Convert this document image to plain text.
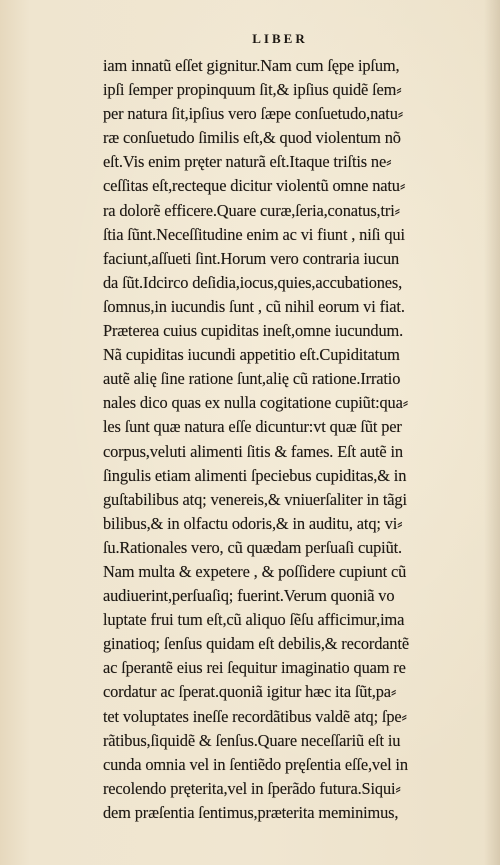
LIBER
iam innatũ eſſet gignitur.Nam cum ſępe ipſum,
ipſi ſemper propinquum ſit,& ipſius quidẽ ſem⸗
per natura ſit,ipſius vero ſæpe conſuetudo,natu⸗
ræ conſuetudo ſimilis eſt,& quod violentum nõ
eſt.Vis enim pręter naturã eſt.Itaque triſtis ne⸗
ceſſitas eſt,recteque dicitur violentũ omne natu⸗
ra dolorẽ efficere.Quare curæ,ſeria,conatus,tri⸗
ſtia ſũnt.Neceſſitudine enim ac vi fiunt , niſi qui
faciunt,aſſueti ſint.Horum vero contraria iucun
da ſũt.Idcirco deſidia,iocus,quies,accubationes,
ſomnus,in iucundis ſunt , cũ nihil eorum vi fiat.
Præterea cuius cupiditas ineſt,omne iucundum.
Nã cupiditas iucundi appetitio eſt.Cupiditatum
autẽ alię ſine ratione ſunt,alię cũ ratione.Irratio
nales dico quas ex nulla cogitatione cupiũt:qua⸗
les ſunt quæ natura eſſe dicuntur:vt quæ ſũt per
corpus,veluti alimenti ſitis & fames. Eſt autẽ in
ſingulis etiam alimenti ſpeciebus cupiditas,& in
guſtabilibus atq; venereis,& vniuerſaliter in tãgi
bilibus,& in olfactu odoris,& in auditu, atq; vi⸗
ſu.Rationales vero, cũ quædam perſuaſi cupiũt.
Nam multa & expetere , & poſſidere cupiunt cũ
audiuerint,perſuaſiq; fuerint.Verum quoniã vo
luptate frui tum eſt,cũ aliquo ſẽſu afficimur,ima
ginatioq; ſenſus quidam eſt debilis,& recordantẽ
ac ſperantẽ eius rei ſequitur imaginatio quam re
cordatur ac ſperat.quoniã igitur hæc ita ſũt,pa⸗
tet voluptates ineſſe recordãtibus valdẽ atq; ſpe⸗
rãtibus,ſiquidẽ & ſenſus.Quare neceſſariũ eſt iu
cunda omnia vel in ſentiẽdo pręſentia eſſe,vel in
recolendo pręterita,vel in ſperãdo futura.Siqui⸗
dem præſentia ſentimus,præterita meminimus,
